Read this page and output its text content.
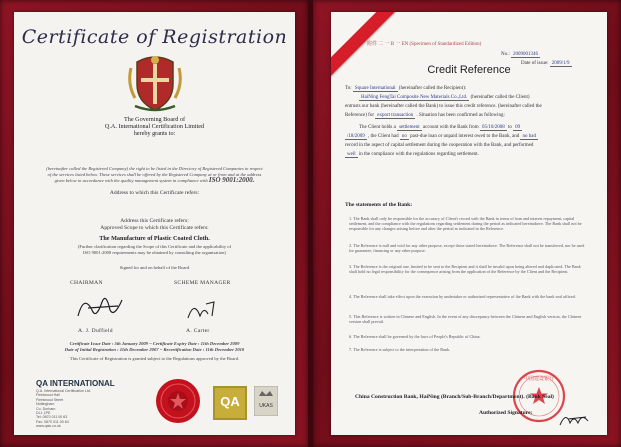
Certificate of Registration
The Governing Board of
Q.A. International Certification Limited
hereby grants to:
(hereinafter called the Registered Company) the right to be listed in the Directory of Registered Companies in respect
of the services listed below. These services shall be offered by the Registered Company at or from and at the address
given below in accordance with the quality management system in compliance with ISO 9001:2000.
Address to which this Certificate refers:
Address this Certificate refers:
Approved Scope to which this Certificate refers:
The Manufacture of Plastic Coated Cloth.
(Further clarification regarding the Scope of this Certificate and the applicability of
ISO 9001:2000 requirements may be obtained by consulting the organisation)
Signed for and on behalf of the Board
CHAIRMAN	SCHEME MANAGER
A. J. Duffield	A. Carter
Certificate Issue Date : 5th January 2009 ~ Certificate Expiry Date : 11th December 2009
Date of Initial Registration : 11th December 2007 ~ Recertification Date : 11th December 2010
This Certificate of Registration is granted subject to the Regulations approved by the Board.
QA INTERNATIONAL
Q.A. International Certification Ltd.
Fleetwood Hall
Fleetwood Street
Nottingham
Co. Durham
DL1 1PE
Tel: 0870 011 00 63
Fax: 0870 011 00 64
www.qaic.co.uk
QA	UKAS
附件 二 一 B 一 EN (Specimen of Standardized Edition)
No.: 2009001346
Date of issue: 2009/1/9
Credit Reference
To: Square International (hereinafter called the Recipient):
HaiNing FengTai Composite New Materials Co.,Ltd. (hereinafter called the Client)
entrusts our bank (hereinafter called the Bank) to issue this credit reference. (hereinafter called the
Reference) for export transaction . Situation has been confirmed as following:
The Client holds a settlement account with the Bank from 05/10/2008 to 09
/18/2009 , the Client had no past-due loan or unpaid interest owed to the Bank, and no bad
record in the aspect of capital settlement during the cooperation with the Bank, and performed
well in the compliance with the regulations regarding settlement.
The statements of the Bank:
1. The Bank shall only be responsible for the accuracy of Client's record with the Bank in terms of loan and interest repayment, capital settlement, and the compliance with the regulations regarding settlement during the period as indicated hereinabove. The Bank shall not be responsible for any changes arising before and after the period as indicated in the Reference.
2. The Reference is null and void for any other purpose, except those stated hereinabove. The Reference shall not be transferred, nor be used for guarantee, financing or any other purpose.
3. The Reference is the original one, limited to be sent to the Recipient and it shall be invalid upon being altered and duplicated. The Bank shall hold no legal responsibility for the consequence arising from the application of the Reference by the Client and the Recipient.
4. The Reference shall take effect upon the execution by undertaker or authorized representative of the Bank with the bank seal affixed.
5. This Reference is written in Chinese and English. In the event of any discrepancy between the Chinese and English version, the Chinese version shall prevail.
6. The Reference shall be governed by the laws of People's Republic of China.
7. The Reference is subject to the interpretation of the Bank.
中国建设银行
China Construction Bank, HaiNing (Branch/Sub-Branch/Department). (Bank Seal)
Authorized Signature:
